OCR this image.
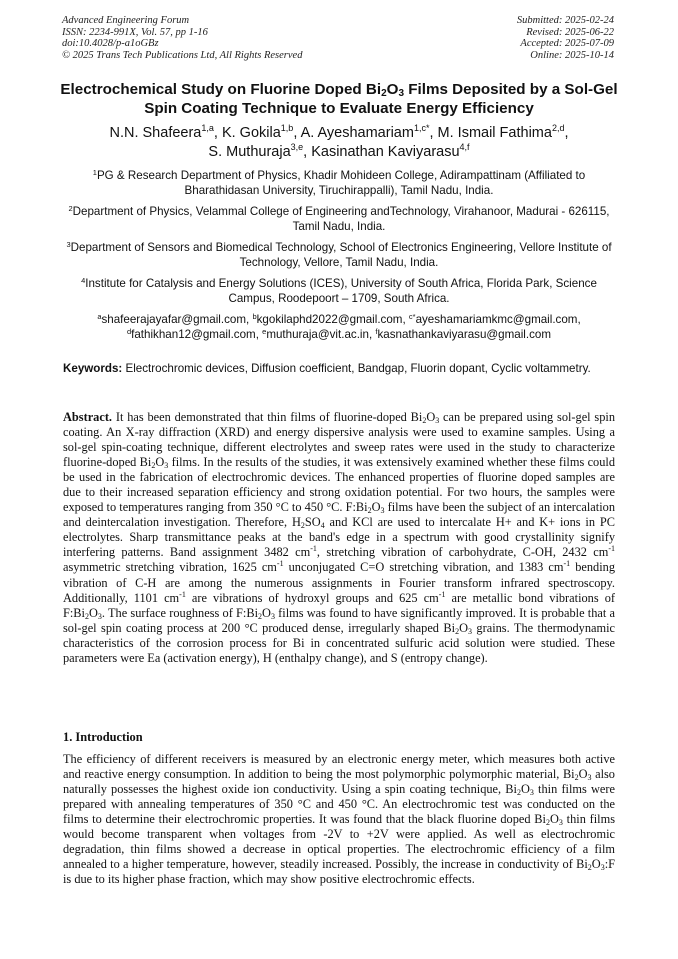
Advanced Engineering Forum
ISSN: 2234-991X, Vol. 57, pp 1-16
doi:10.4028/p-a1oGBz
© 2025 Trans Tech Publications Ltd, All Rights Reserved
Submitted: 2025-02-24
Revised: 2025-06-22
Accepted: 2025-07-09
Online: 2025-10-14
Electrochemical Study on Fluorine Doped $Bi_2O_3$ Films Deposited by a Sol-Gel Spin Coating Technique to Evaluate Energy Efficiency
N.N. Shafeera$^{1,a}$, K. Gokila$^{1,b}$, A. Ayeshamariam$^{1,c*}$, M. Ismail Fathima$^{2,d}$,
S. Muthuraja$^{3,e}$, Kasinathan Kaviyarasu$^{4,f}$
$^1$PG & Research Department of Physics, Khadir Mohideen College, Adirampattinam (Affiliated to Bharathidasan University, Tiruchirappalli), Tamil Nadu, India.
$^2$Department of Physics, Velammal College of Engineering andTechnology, Virahanoor, Madurai - 626115, Tamil Nadu, India.
$^3$Department of Sensors and Biomedical Technology, School of Electronics Engineering, Vellore Institute of Technology, Vellore, Tamil Nadu, India.
$^4$Institute for Catalysis and Energy Solutions (ICES), University of South Africa, Florida Park, Science Campus, Roodepoort – 1709, South Africa.
$^a$shafeerajayafar@gmail.com, $^b$kgokilaphd2022@gmail.com, $^{c*}$ayeshamariamkmc@gmail.com,
$^d$fathikhan12@gmail.com, $^e$muthuraja@vit.ac.in, $^f$kasnathankaviyarasu@gmail.com
Keywords: Electrochromic devices, Diffusion coefficient, Bandgap, Fluorin dopant, Cyclic voltammetry.
Abstract. It has been demonstrated that thin films of fluorine-doped $Bi_2O_3$ can be prepared using sol-gel spin coating. An X-ray diffraction (XRD) and energy dispersive analysis were used to examine samples. Using a sol-gel spin-coating technique, different electrolytes and sweep rates were used in the study to characterize fluorine-doped $Bi_2O_3$ films. In the results of the studies, it was extensively examined whether these films could be used in the fabrication of electrochromic devices. The enhanced properties of fluorine doped samples are due to their increased separation efficiency and strong oxidation potential. For two hours, the samples were exposed to temperatures ranging from 350 °C to 450 °C. $F:Bi_2O_3$ films have been the subject of an intercalation and deintercalation investigation. Therefore, $H_2SO_4$ and KCl are used to intercalate H+ and K+ ions in PC electrolytes. Sharp transmittance peaks at the band's edge in a spectrum with good crystallinity signify interfering patterns. Band assignment 3482 $cm^{-1}$, stretching vibration of carbohydrate, C-OH, 2432 $cm^{-1}$ asymmetric stretching vibration, 1625 $cm^{-1}$ unconjugated C=O stretching vibration, and 1383 $cm^{-1}$ bending vibration of C-H are among the numerous assignments in Fourier transform infrared spectroscopy. Additionally, 1101 $cm^{-1}$ are vibrations of hydroxyl groups and 625 $cm^{-1}$ are metallic bond vibrations of $F:Bi_2O_3$. The surface roughness of $F:Bi_2O_3$ films was found to have significantly improved. It is probable that a sol-gel spin coating process at 200 °C produced dense, irregularly shaped $Bi_2O_3$ grains. The thermodynamic characteristics of the corrosion process for Bi in concentrated sulfuric acid solution were studied. These parameters were Ea (activation energy), H (enthalpy change), and S (entropy change).
1. Introduction
The efficiency of different receivers is measured by an electronic energy meter, which measures both active and reactive energy consumption. In addition to being the most polymorphic polymorphic material, $Bi_2O_3$ also naturally possesses the highest oxide ion conductivity. Using a spin coating technique, $Bi_2O_3$ thin films were prepared with annealing temperatures of 350 °C and 450 °C. An electrochromic test was conducted on the films to determine their electrochromic properties. It was found that the black fluorine doped $Bi_2O_3$ thin films would become transparent when voltages from -2V to +2V were applied. As well as electrochromic degradation, thin films showed a decrease in optical properties. The electrochromic efficiency of a film annealed to a higher temperature, however, steadily increased. Possibly, the increase in conductivity of $Bi_2O_3:F$ is due to its higher phase fraction, which may show positive electrochromic effects.
